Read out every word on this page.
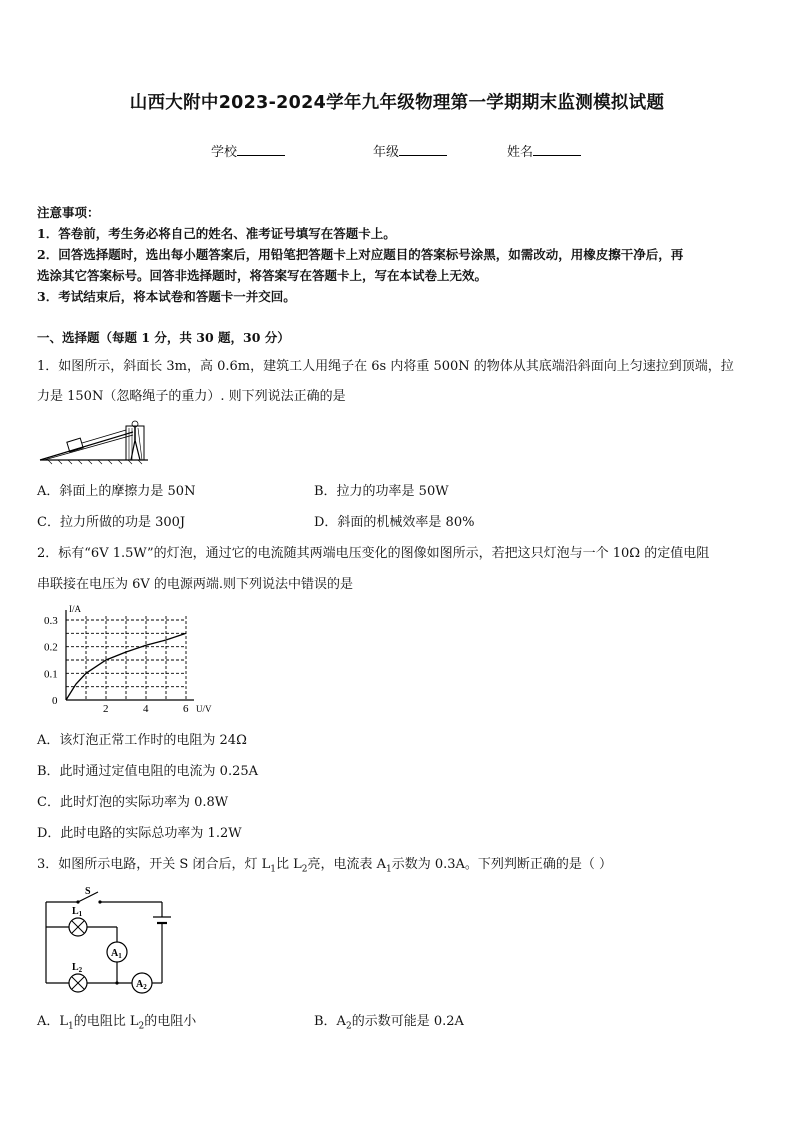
山西大附中2023-2024学年九年级物理第一学期期末监测模拟试题
学校	年级	姓名
注意事项：
1．答卷前，考生务必将自己的姓名、准考证号填写在答题卡上。
2．回答选择题时，选出每小题答案后，用铅笔把答题卡上对应题目的答案标号涂黑，如需改动，用橡皮擦干净后，再
选涂其它答案标号。回答非选择题时，将答案写在答题卡上，写在本试卷上无效。
3．考试结束后，将本试卷和答题卡一并交回。
一、选择题（每题 1 分，共 30 题，30 分）
1．如图所示，斜面长 3m，高 0.6m，建筑工人用绳子在 6s 内将重 500N 的物体从其底端沿斜面向上匀速拉到顶端，拉
力是 150N（忽略绳子的重力）. 则下列说法正确的是
A．斜面上的摩擦力是 50N	B．拉力的功率是 50W
C．拉力所做的功是 300J	D．斜面的机械效率是 80%
2．标有“6V 1.5W”的灯泡，通过它的电流随其两端电压变化的图像如图所示，若把这只灯泡与一个 10Ω 的定值电阻
串联接在电压为 6V 的电源两端.则下列说法中错误的是
I/A
U/V
0
2	4	6
0.3
0.2
0.1
A．该灯泡正常工作时的电阻为 24Ω
B．此时通过定值电阻的电流为 0.25A
C．此时灯泡的实际功率为 0.8W
D．此时电路的实际总功率为 1.2W
3．如图所示电路，开关 S 闭合后，灯 $L_1$比 $L_2$亮，电流表 $A_1$示数为 0.3A。下列判断正确的是（ ）
S
$L_1$
$L_2$
$A_1$
$A_2$
A．$L_1$的电阻比 $L_2$的电阻小	B．$A_2$的示数可能是 0.2A
